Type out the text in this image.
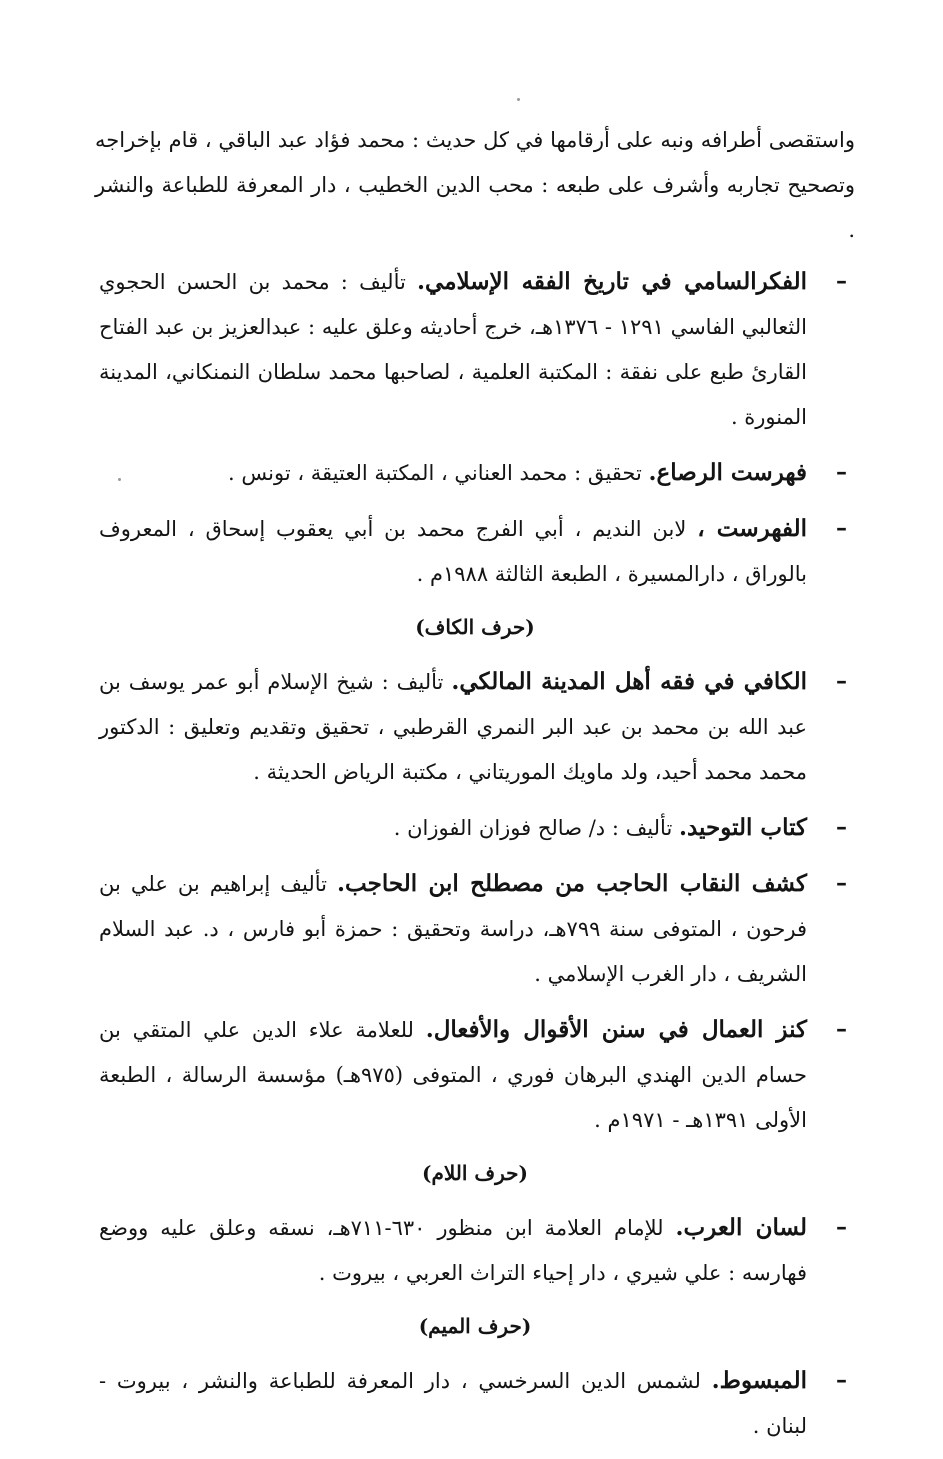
واستقصى أطرافه ونبه على أرقامها في كل حديث : محمد فؤاد عبد الباقي ، قام بإخراجه وتصحيح تجاربه وأشرف على طبعه : محب الدين الخطيب ، دار المعرفة للطباعة والنشر .

–
الفكرالسامي في تاريخ الفقه الإسلامي. تأليف : محمد بن الحسن الحجوي الثعالبي الفاسي ١٢٩١ - ١٣٧٦هـ، خرج أحاديثه وعلق عليه : عبدالعزيز بن عبد الفتاح القارئ طبع على نفقة : المكتبة العلمية ، لصاحبها محمد سلطان النمنكاني، المدينة المنورة .
–
فهرست الرصاع. تحقيق : محمد العناني ، المكتبة العتيقة ، تونس .
–
الفهرست ، لابن النديم ، أبي الفرج محمد بن أبي يعقوب إسحاق ، المعروف بالوراق ، دارالمسيرة ، الطبعة الثالثة ١٩٨٨م .
(حرف الكاف)
–
الكافي في فقه أهل المدينة المالكي. تأليف : شيخ الإسلام أبو عمر يوسف بن عبد الله بن محمد بن عبد البر النمري القرطبي ، تحقيق وتقديم وتعليق : الدكتور محمد محمد أحيد، ولد ماويك الموريتاني ، مكتبة الرياض الحديثة .
–
كتاب التوحيد. تأليف : د/ صالح فوزان الفوزان .
–
كشف النقاب الحاجب من مصطلح ابن الحاجب. تأليف إبراهيم بن علي بن فرحون ، المتوفى سنة ٧٩٩هـ، دراسة وتحقيق : حمزة أبو فارس ، د. عبد السلام الشريف ، دار الغرب الإسلامي .
–
كنز العمال في سنن الأقوال والأفعال. للعلامة علاء الدين علي المتقي بن حسام الدين الهندي البرهان فوري ، المتوفى (٩٧٥هـ) مؤسسة الرسالة ، الطبعة الأولى ١٣٩١هـ - ١٩٧١م .
(حرف اللام)
–
لسان العرب. للإمام العلامة ابن منظور ٦٣٠-٧١١هـ، نسقه وعلق عليه ووضع فهارسه : علي شيري ، دار إحياء التراث العربي ، بيروت .
(حرف الميم)
–
المبسوط. لشمس الدين السرخسي ، دار المعرفة للطباعة والنشر ، بيروت - لبنان .
